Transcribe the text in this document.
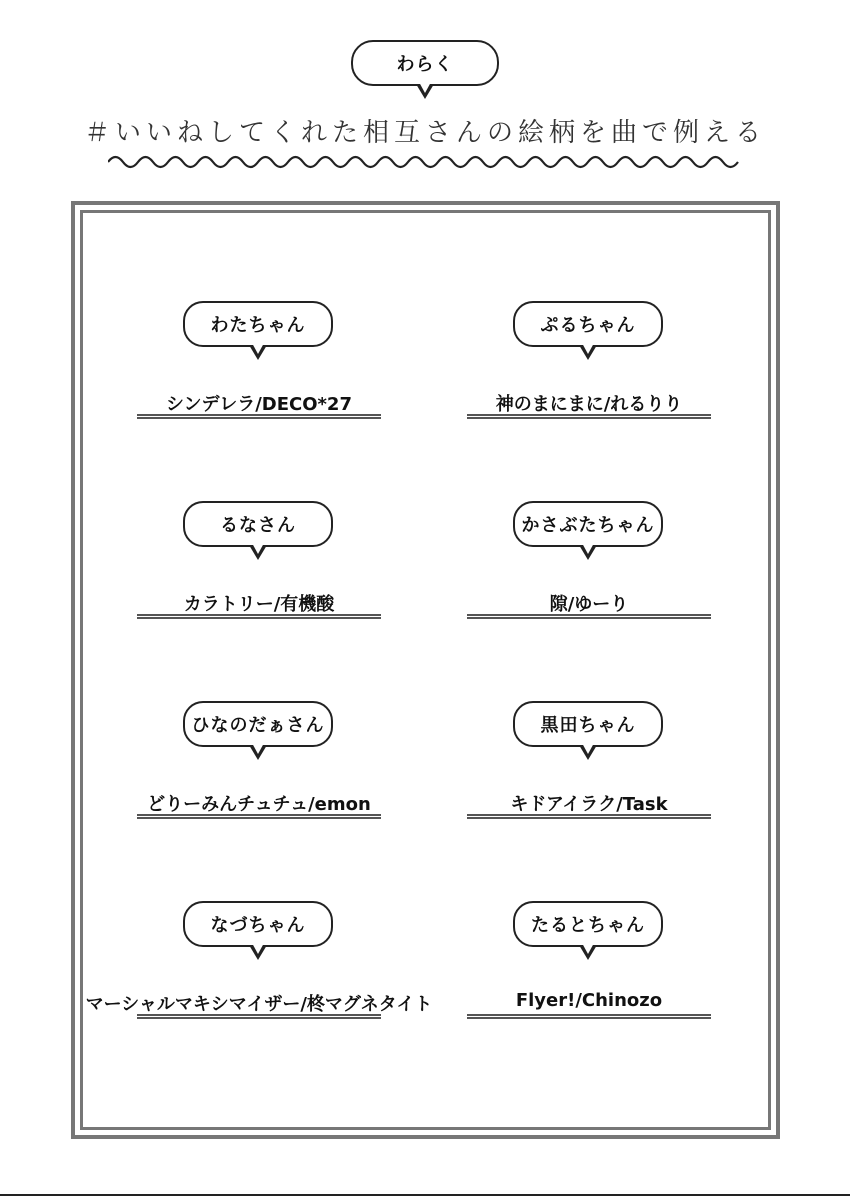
わらく
＃いいねしてくれた相互さんの絵柄を曲で例える
わたちゃん
シンデレラ/DECO*27
ぷるちゃん
神のまにまに/れるりり
るなさん
カラトリー/有機酸
かさぶたちゃん
隙/ゆーり
ひなのだぁさん
どりーみんチュチュ/emon
黒田ちゃん
キドアイラク/Task
なづちゃん
マーシャルマキシマイザー/柊マグネタイト
たるとちゃん
Flyer!/Chinozo
